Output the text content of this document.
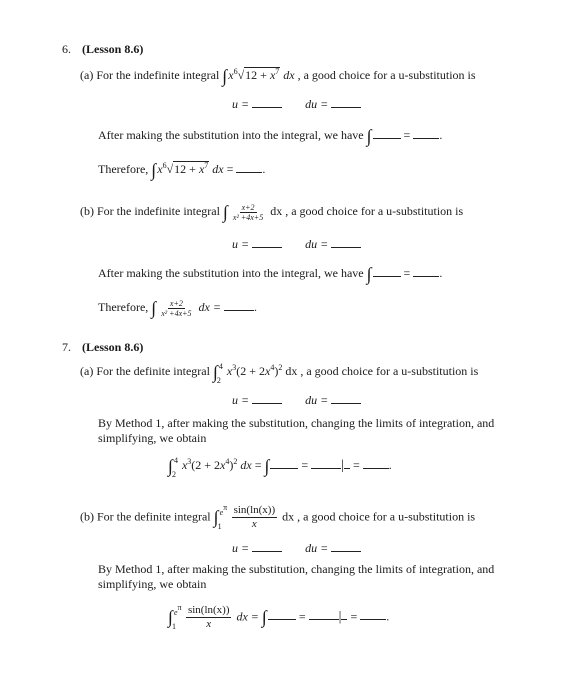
6. (Lesson 8.6)
(a) For the indefinite integral $\int x^6√12 + x^7$ dx , a good choice for a u-substitution is
u =	du =
After making the substitution into the integral, we have ∫	= .
Therefore, $\int x^6√12 + x^7$ dx = .
(b) For the indefinite integral ∫ $\frac{x+2}{\text{x² +4x+5}}$ dx , a good choice for a u-substitution is
u =	du =
After making the substitution into the integral, we have ∫	= .
Therefore, ∫ $\frac{x+2}{\text{x² +4x+5}}$ dx =	.
7. (Lesson 8.6)
(a) For the definite integral ∫ 4
2
$x^3(2 + 2x^4)^2$ dx , a good choice for a u-substitution is
u =	du =
By Method 1, after making the substitution, changing the limits of integration, and
simplifying, we obtain
∫ 4
2
$x^3(2 + 2x^4)^2$ dx = ∫	= | = .
(b) For the definite integral ∫ $e^\pi$
$1 \frac{\sin(\ln(x))}{x}$ dx , a good choice for a u-substitution is
u =	du =
By Method 1, after making the substitution, changing the limits of integration, and
simplifying, we obtain
∫ $e^\pi$
$1 \frac{\sin(\ln(x))}{x}$ dx = ∫	= | = .
